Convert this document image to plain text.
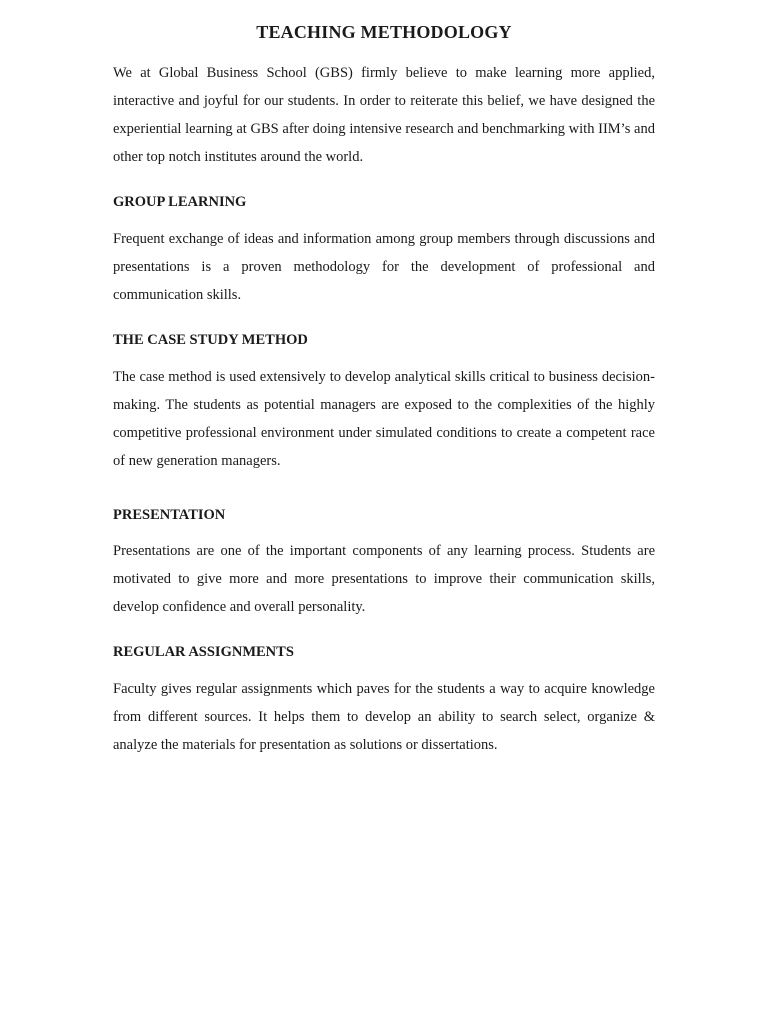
TEACHING METHODOLOGY

We at Global Business School (GBS) firmly believe to make learning more applied, interactive and joyful for our students. In order to reiterate this belief, we have designed the experiential learning at GBS after doing intensive research and benchmarking with IIM’s and other top notch institutes around the world.

GROUP LEARNING

Frequent exchange of ideas and information among group members through discussions and presentations is a proven methodology for the development of professional and communication skills.

THE CASE STUDY METHOD

The case method is used extensively to develop analytical skills critical to business decision-making. The students as potential managers are exposed to the complexities of the highly competitive professional environment under simulated conditions to create a competent race of new generation managers.

PRESENTATION

Presentations are one of the important components of any learning process. Students are motivated to give more and more presentations to improve their communication skills, develop confidence and overall personality.

REGULAR ASSIGNMENTS

Faculty gives regular assignments which paves for the students a way to acquire knowledge from different sources. It helps them to develop an ability to search select, organize & analyze the materials for presentation as solutions or dissertations.
